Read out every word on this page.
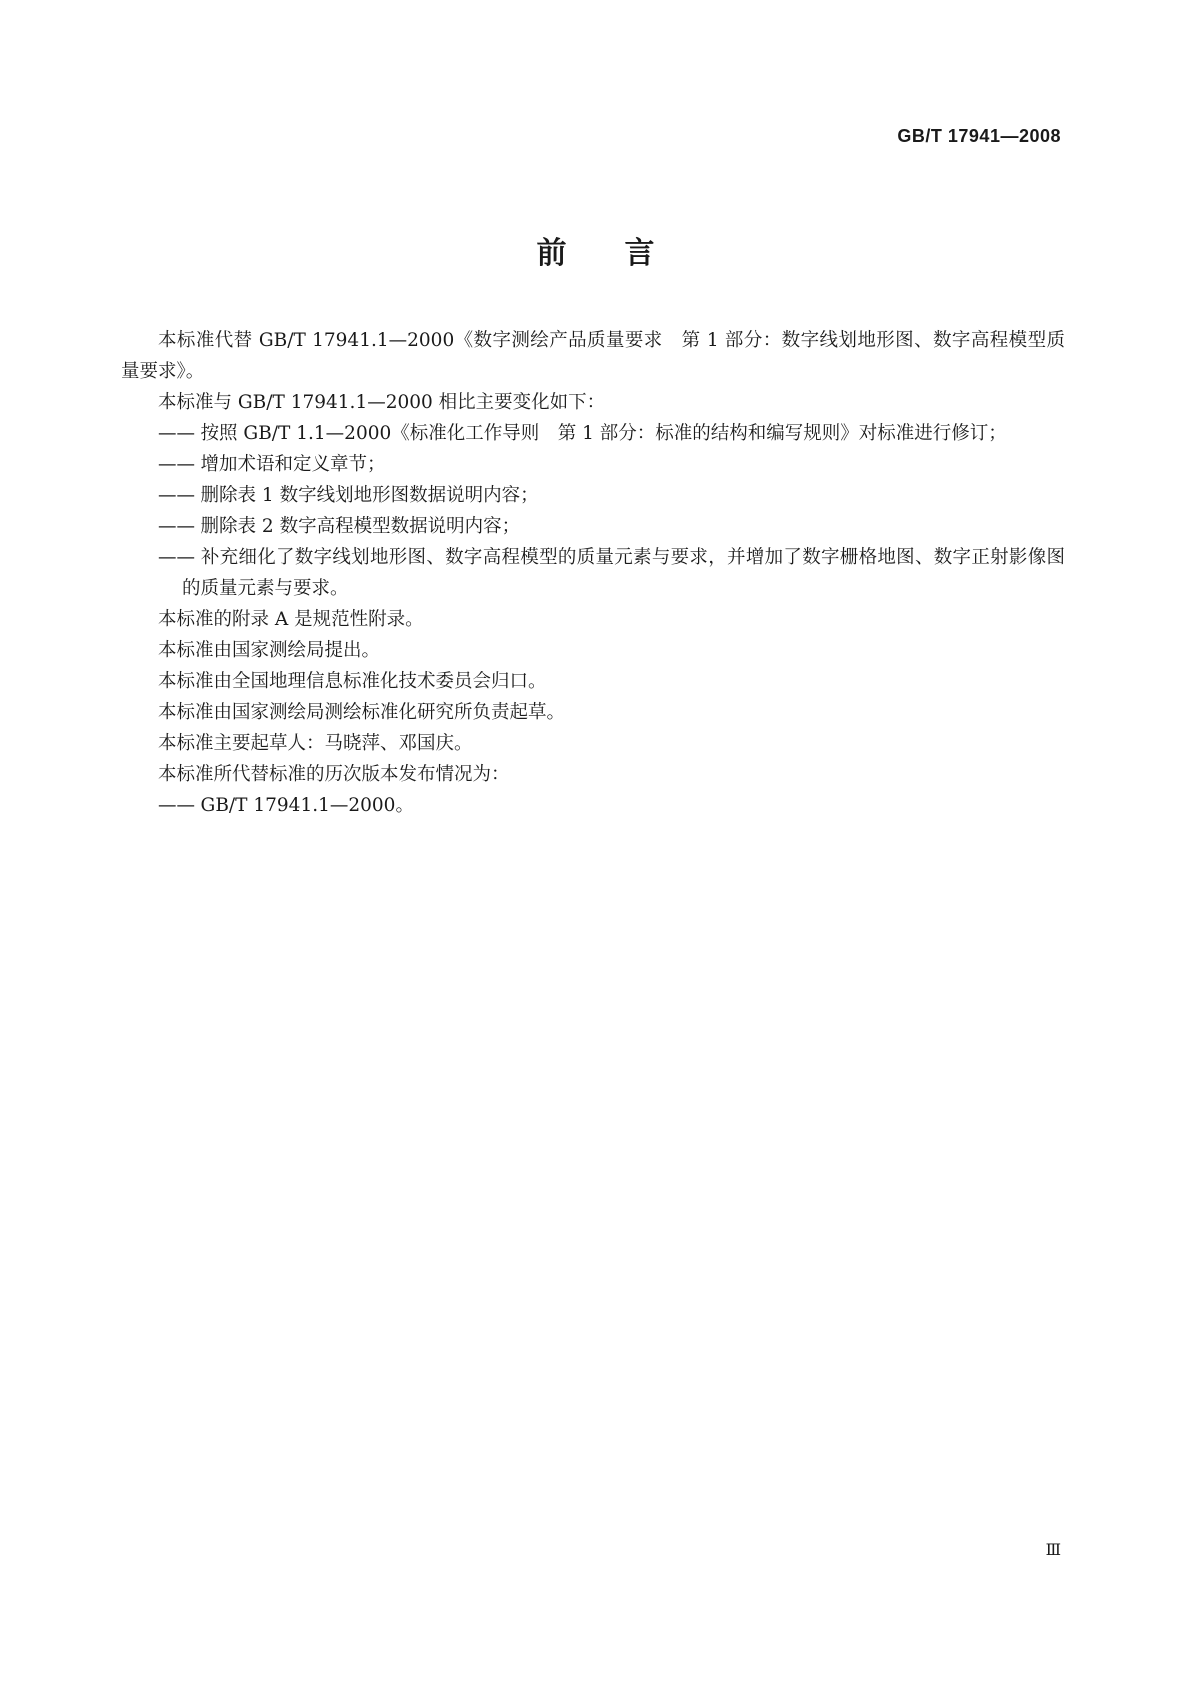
GB/T 17941—2008
前言

本标准代替 GB/T 17941.1—2000《数字测绘产品质量要求　第 1 部分：数字线划地形图、数字高程模型质量要求》。

本标准与 GB/T 17941.1—2000 相比主要变化如下：

—— 按照 GB/T 1.1—2000《标准化工作导则　第 1 部分：标准的结构和编写规则》对标准进行修订；

—— 增加术语和定义章节；

—— 删除表 1 数字线划地形图数据说明内容；

—— 删除表 2 数字高程模型数据说明内容；

—— 补充细化了数字线划地形图、数字高程模型的质量元素与要求，并增加了数字栅格地图、数字正射影像图的质量元素与要求。

本标准的附录 A 是规范性附录。

本标准由国家测绘局提出。

本标准由全国地理信息标准化技术委员会归口。

本标准由国家测绘局测绘标准化研究所负责起草。

本标准主要起草人：马晓萍、邓国庆。

本标准所代替标准的历次版本发布情况为：

—— GB/T 17941.1—2000。

Ⅲ
